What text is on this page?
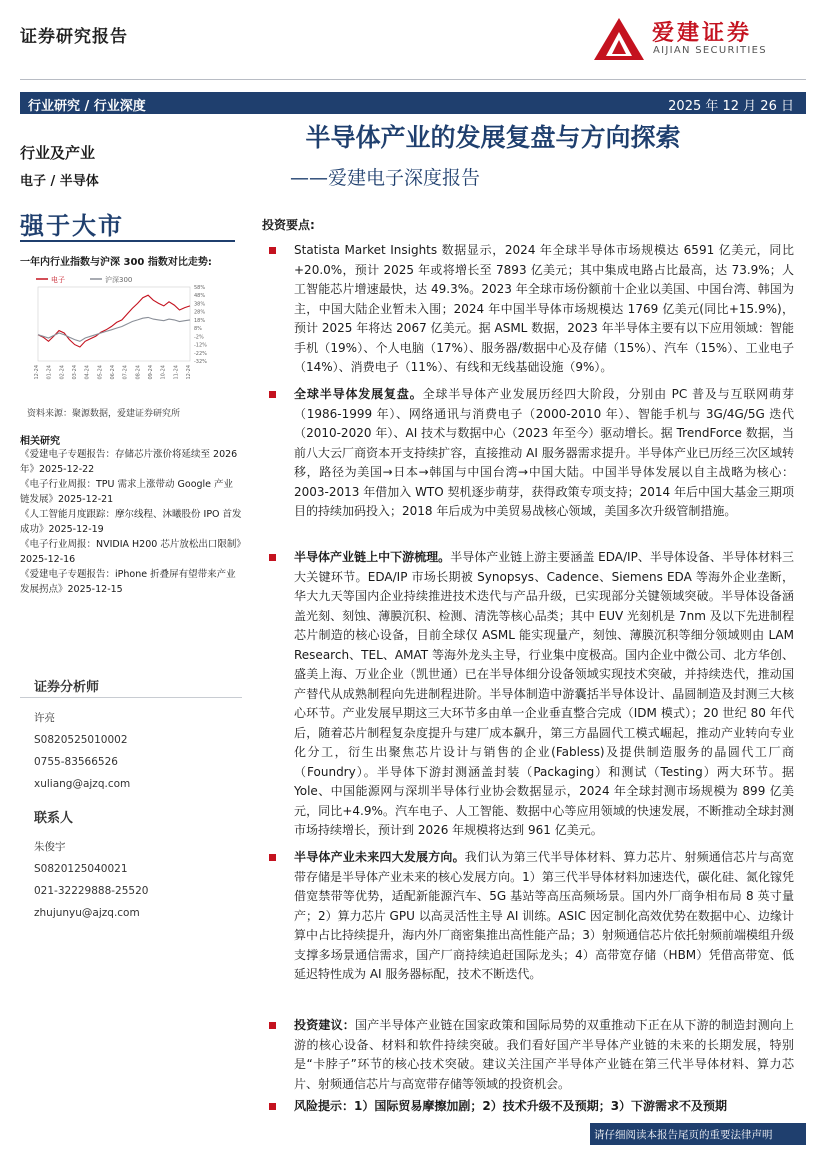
证券研究报告	爱建证券
AIJIAN SECURITIES
行业研究 / 行业深度	2025 年 12 月 26 日
半导体产业的发展复盘与方向探索
——爱建电子深度报告
行业及产业
电子 / 半导体
强于大市
一年内行业指数与沪深 300 指数对比走势:
电子	沪深300
58%
48%
38%
28%
18%
8%
-2%
-12%
-22%
-32%
12-24 01-24 02-24 03-24 04-24 05-24 06-24 07-24 08-24 09-24 10-24 11-24 12-24
资料来源：聚源数据，爱建证券研究所
相关研究
《爱建电子专题报告：存储芯片涨价将延续至 2026 年》2025-12-22
《电子行业周报：TPU 需求上涨带动 Google 产业链发展》2025-12-21
《人工智能月度跟踪：摩尔线程、沐曦股份 IPO 首发成功》2025-12-19
《电子行业周报：NVIDIA H200 芯片放松出口限制》2025-12-16
《爱建电子专题报告：iPhone 折叠屏有望带来产业发展拐点》2025-12-15
证券分析师
许亮
S0820525010002
0755-83566526
xuliang@ajzq.com
联系人
朱俊宇
S0820125040021
021-32229888-25520
zhujunyu@ajzq.com
投资要点:
Statista Market Insights 数据显示，2024 年全球半导体市场规模达 6591 亿美元，同比+20.0%，预计 2025 年或将增长至 7893 亿美元；其中集成电路占比最高，达 73.9%；人工智能芯片增速最快，达 49.3%。2023 年全球市场份额前十企业以美国、中国台湾、韩国为主，中国大陆企业暂未入围；2024 年中国半导体市场规模达 1769 亿美元(同比+15.9%)，预计 2025 年将达 2067 亿美元。据 ASML 数据，2023 年半导体主要有以下应用领域：智能手机（19%）、个人电脑（17%）、服务器/数据中心及存储（15%）、汽车（15%）、工业电子（14%）、消费电子（11%）、有线和无线基础设施（9%）。
全球半导体发展复盘。全球半导体产业发展历经四大阶段，分别由 PC 普及与互联网萌芽（1986-1999 年）、网络通讯与消费电子（2000-2010 年）、智能手机与 3G/4G/5G 迭代（2010-2020 年）、AI 技术与数据中心（2023 年至今）驱动增长。据 TrendForce 数据，当前八大云厂商资本开支持续扩容，直接推动 AI 服务器需求提升。半导体产业已历经三次区域转移，路径为美国→日本→韩国与中国台湾→中国大陆。中国半导体发展以自主战略为核心：2003-2013 年借加入 WTO 契机逐步萌芽，获得政策专项支持；2014 年后中国大基金三期项目的持续加码投入；2018 年后成为中美贸易战核心领域，美国多次升级管制措施。
半导体产业链上中下游梳理。半导体产业链上游主要涵盖 EDA/IP、半导体设备、半导体材料三大关键环节。EDA/IP 市场长期被 Synopsys、Cadence、Siemens EDA 等海外企业垄断，华大九天等国内企业持续推进技术迭代与产品升级，已实现部分关键领域突破。半导体设备涵盖光刻、刻蚀、薄膜沉积、检测、清洗等核心品类；其中 EUV 光刻机是 7nm 及以下先进制程芯片制造的核心设备，目前全球仅 ASML 能实现量产，刻蚀、薄膜沉积等细分领域则由 LAM Research、TEL、AMAT 等海外龙头主导，行业集中度极高。国内企业中微公司、北方华创、盛美上海、万业企业（凯世通）已在半导体细分设备领域实现技术突破，并持续迭代，推动国产替代从成熟制程向先进制程进阶。半导体制造中游囊括半导体设计、晶圆制造及封测三大核心环节。产业发展早期这三大环节多由单一企业垂直整合完成（IDM 模式）；20 世纪 80 年代后，随着芯片制程复杂度提升与建厂成本飙升，第三方晶圆代工模式崛起，推动产业转向专业化分工，衍生出聚焦芯片设计与销售的企业(Fabless)及提供制造服务的晶圆代工厂商（Foundry）。半导体下游封测涵盖封装（Packaging）和测试（Testing）两大环节。据 Yole、中国能源网与深圳半导体行业协会数据显示，2024 年全球封测市场规模为 899 亿美元，同比+4.9%。汽车电子、人工智能、数据中心等应用领域的快速发展，不断推动全球封测市场持续增长，预计到 2026 年规模将达到 961 亿美元。
半导体产业未来四大发展方向。我们认为第三代半导体材料、算力芯片、射频通信芯片与高宽带存储是半导体产业未来的核心发展方向。1）第三代半导体材料加速迭代，碳化硅、氮化镓凭借宽禁带等优势，适配新能源汽车、5G 基站等高压高频场景。国内外厂商争相布局 8 英寸量产；2）算力芯片 GPU 以高灵活性主导 AI 训练。ASIC 因定制化高效优势在数据中心、边缘计算中占比持续提升，海内外厂商密集推出高性能产品；3）射频通信芯片依托射频前端模组升级支撑多场景通信需求，国产厂商持续追赶国际龙头；4）高带宽存储（HBM）凭借高带宽、低延迟特性成为 AI 服务器标配，技术不断迭代。
投资建议：国产半导体产业链在国家政策和国际局势的双重推动下正在从下游的制造封测向上游的核心设备、材料和软件持续突破。我们看好国产半导体产业链的未来的长期发展，特别是“卡脖子”环节的核心技术突破。建议关注国产半导体产业链在第三代半导体材料、算力芯片、射频通信芯片与高宽带存储等领域的投资机会。
风险提示：1）国际贸易摩擦加剧；2）技术升级不及预期；3）下游需求不及预期
请仔细阅读本报告尾页的重要法律声明
